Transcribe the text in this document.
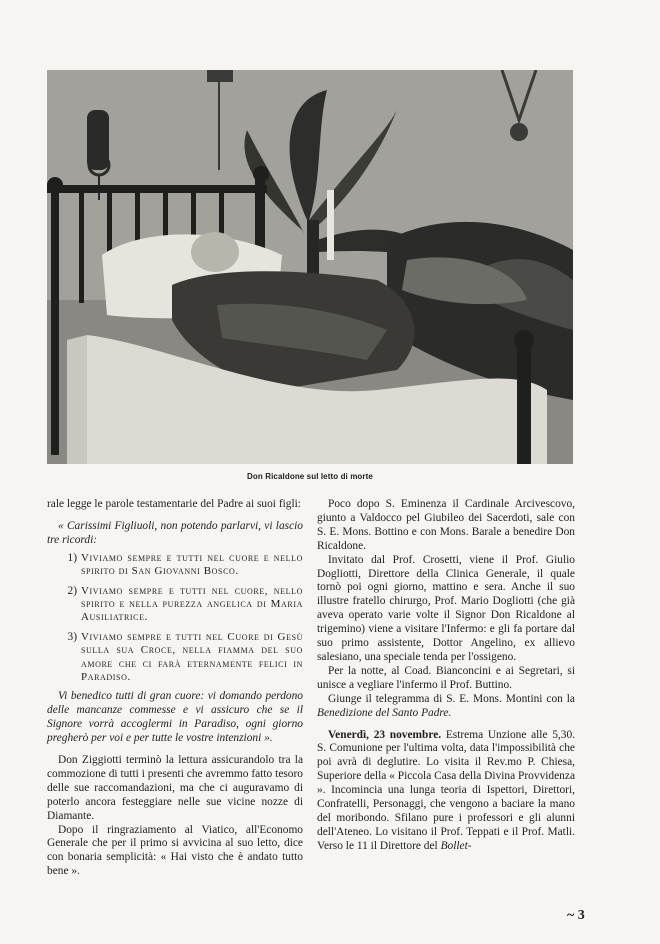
Don Ricaldone sul letto di morte

rale legge le parole testamentarie del Padre ai suoi figli:

« Carissimi Figliuoli, non potendo parlarvi, vi lascio tre ricordi:

1) Viviamo sempre e tutti nel cuore e nello spirito di San Giovanni Bosco.
2) Viviamo sempre e tutti nel cuore, nello spirito e nella purezza angelica di Maria Ausiliatrice.
3) Viviamo sempre e tutti nel Cuore di Gesù sulla sua Croce, nella fiamma del suo amore che ci farà eternamente felici in Paradiso.

Vi benedico tutti di gran cuore: vi domando perdono delle mancanze commesse e vi assicuro che se il Signore vorrà accoglermi in Paradiso, ogni giorno pregherò per voi e per tutte le vostre intenzioni ».

Don Ziggiotti terminò la lettura assicurandolo tra la commozione di tutti i presenti che avremmo fatto tesoro delle sue raccomandazioni, ma che ci auguravamo di poterlo ancora festeggiare nelle sue vicine nozze di Diamante.

Dopo il ringraziamento al Viatico, all'Economo Generale che per il primo si avvicina al suo letto, dice con bonaria semplicità: « Hai visto che è andato tutto bene ».

Poco dopo S. Eminenza il Cardinale Arcivescovo, giunto a Valdocco pel Giubileo dei Sacerdoti, sale con S. E. Mons. Bottino e con Mons. Barale a benedire Don Ricaldone.

Invitato dal Prof. Crosetti, viene il Prof. Giulio Dogliotti, Direttore della Clinica Generale, il quale tornò poi ogni giorno, mattino e sera. Anche il suo illustre fratello chirurgo, Prof. Mario Dogliotti (che già aveva operato varie volte il Signor Don Ricaldone al trigemino) viene a visitare l'Infermo: e gli fa portare dal suo primo assistente, Dottor Angelino, ex allievo salesiano, una speciale tenda per l'ossigeno.

Per la notte, al Coad. Bianconcini e ai Segretari, si unisce a vegliare l'infermo il Prof. Buttino.

Giunge il telegramma di S. E. Mons. Montini con la Benedizione del Santo Padre.

Venerdì, 23 novembre. Estrema Unzione alle 5,30. S. Comunione per l'ultima volta, data l'impossibilità che poi avrà di deglutire. Lo visita il Rev.mo P. Chiesa, Superiore della « Piccola Casa della Divina Provvidenza ». Incomincia una lunga teoria di Ispettori, Direttori, Confratelli, Personaggi, che vengono a baciare la mano del moribondo. Sfilano pure i professori e gli alunni dell'Ateneo. Lo visitano il Prof. Teppati e il Prof. Matli. Verso le 11 il Direttore del Bollet-

~ 3
